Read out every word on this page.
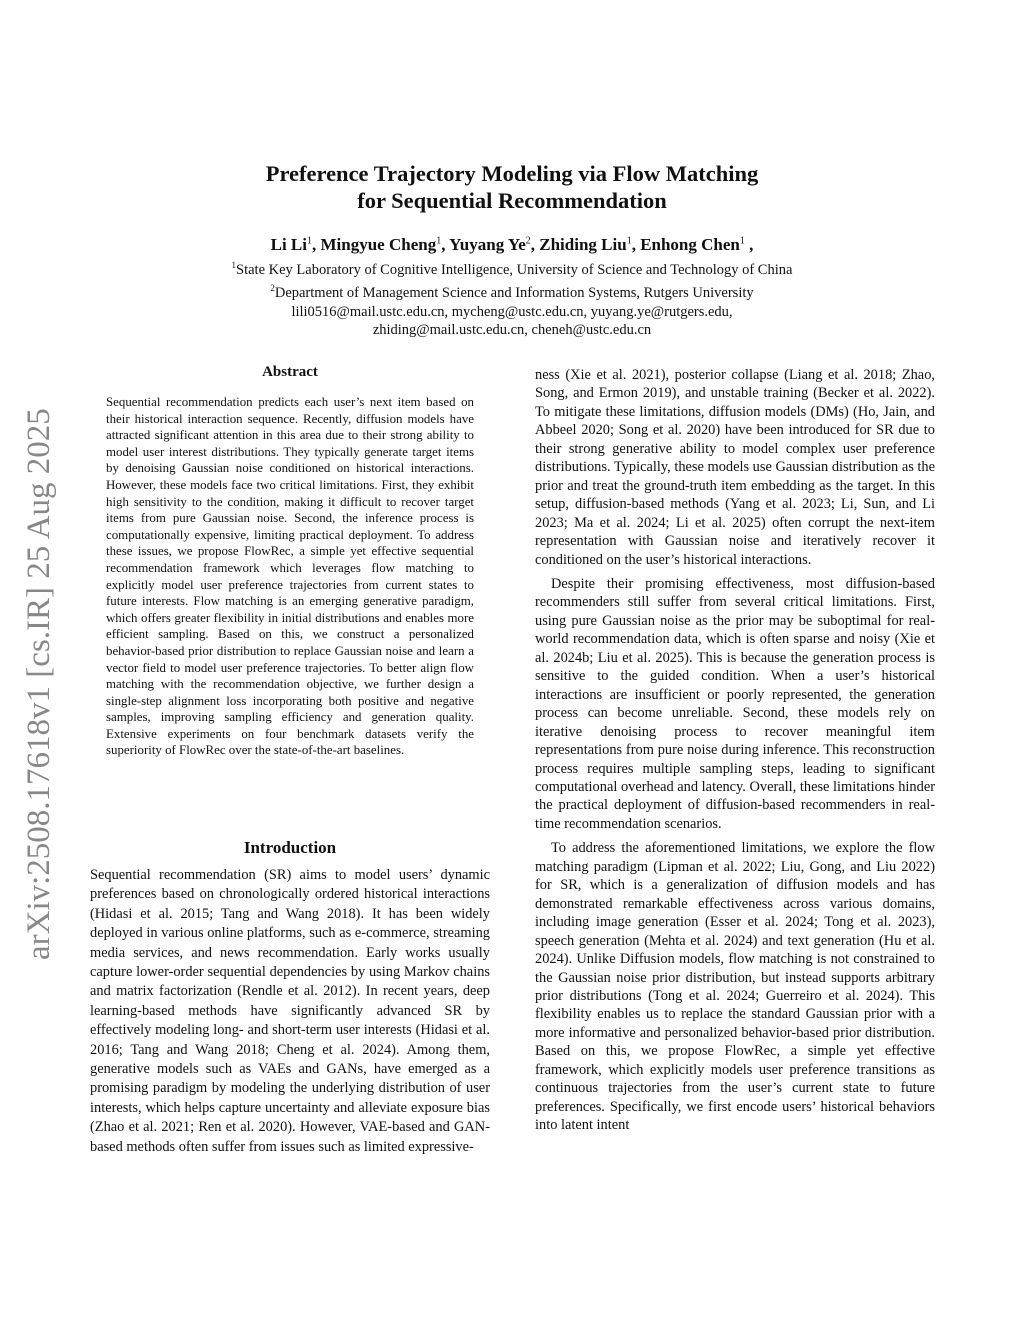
arXiv:2508.17618v1 [cs.IR] 25 Aug 2025
Preference Trajectory Modeling via Flow Matching
for Sequential Recommendation
Li Li$^1$, Mingyue Cheng$^1$, Yuyang Ye$^2$, Zhiding Liu$^1$, Enhong Chen$^1$ ,
$^1$State Key Laboratory of Cognitive Intelligence, University of Science and Technology of China
$^2$Department of Management Science and Information Systems, Rutgers University
lili0516@mail.ustc.edu.cn, mycheng@ustc.edu.cn, yuyang.ye@rutgers.edu,
zhiding@mail.ustc.edu.cn, cheneh@ustc.edu.cn
Abstract

Sequential recommendation predicts each user’s next item based on their historical interaction sequence. Recently, diffusion models have attracted significant attention in this area due to their strong ability to model user interest distributions. They typically generate target items by denoising Gaussian noise conditioned on historical interactions. However, these models face two critical limitations. First, they exhibit high sensitivity to the condition, making it difficult to recover target items from pure Gaussian noise. Second, the inference process is computationally expensive, limiting practical deployment. To address these issues, we propose FlowRec, a simple yet effective sequential recommendation framework which leverages flow matching to explicitly model user preference trajectories from current states to future interests. Flow matching is an emerging generative paradigm, which offers greater flexibility in initial distributions and enables more efficient sampling. Based on this, we construct a personalized behavior-based prior distribution to replace Gaussian noise and learn a vector field to model user preference trajectories. To better align flow matching with the recommendation objective, we further design a single-step alignment loss incorporating both positive and negative samples, improving sampling efficiency and generation quality. Extensive experiments on four benchmark datasets verify the superiority of FlowRec over the state-of-the-art baselines.

Introduction

Sequential recommendation (SR) aims to model users’ dynamic preferences based on chronologically ordered historical interactions (Hidasi et al. 2015; Tang and Wang 2018). It has been widely deployed in various online platforms, such as e-commerce, streaming media services, and news recommendation. Early works usually capture lower-order sequential dependencies by using Markov chains and matrix factorization (Rendle et al. 2012). In recent years, deep learning-based methods have significantly advanced SR by effectively modeling long- and short-term user interests (Hidasi et al. 2016; Tang and Wang 2018; Cheng et al. 2024). Among them, generative models such as VAEs and GANs, have emerged as a promising paradigm by modeling the underlying distribution of user interests, which helps capture uncertainty and alleviate exposure bias (Zhao et al. 2021; Ren et al. 2020). However, VAE-based and GAN-based methods often suffer from issues such as limited expressive-

ness (Xie et al. 2021), posterior collapse (Liang et al. 2018; Zhao, Song, and Ermon 2019), and unstable training (Becker et al. 2022). To mitigate these limitations, diffusion models (DMs) (Ho, Jain, and Abbeel 2020; Song et al. 2020) have been introduced for SR due to their strong generative ability to model complex user preference distributions. Typically, these models use Gaussian distribution as the prior and treat the ground-truth item embedding as the target. In this setup, diffusion-based methods (Yang et al. 2023; Li, Sun, and Li 2023; Ma et al. 2024; Li et al. 2025) often corrupt the next-item representation with Gaussian noise and iteratively recover it conditioned on the user’s historical interactions.

Despite their promising effectiveness, most diffusion-based recommenders still suffer from several critical limitations. First, using pure Gaussian noise as the prior may be suboptimal for real-world recommendation data, which is often sparse and noisy (Xie et al. 2024b; Liu et al. 2025). This is because the generation process is sensitive to the guided condition. When a user’s historical interactions are insufficient or poorly represented, the generation process can become unreliable. Second, these models rely on iterative denoising process to recover meaningful item representations from pure noise during inference. This reconstruction process requires multiple sampling steps, leading to significant computational overhead and latency. Overall, these limitations hinder the practical deployment of diffusion-based recommenders in real-time recommendation scenarios.

To address the aforementioned limitations, we explore the flow matching paradigm (Lipman et al. 2022; Liu, Gong, and Liu 2022) for SR, which is a generalization of diffusion models and has demonstrated remarkable effectiveness across various domains, including image generation (Esser et al. 2024; Tong et al. 2023), speech generation (Mehta et al. 2024) and text generation (Hu et al. 2024). Unlike Diffusion models, flow matching is not constrained to the Gaussian noise prior distribution, but instead supports arbitrary prior distributions (Tong et al. 2024; Guerreiro et al. 2024). This flexibility enables us to replace the standard Gaussian prior with a more informative and personalized behavior-based prior distribution. Based on this, we propose FlowRec, a simple yet effective framework, which explicitly models user preference transitions as continuous trajectories from the user’s current state to future preferences. Specifically, we first encode users’ historical behaviors into latent intent
